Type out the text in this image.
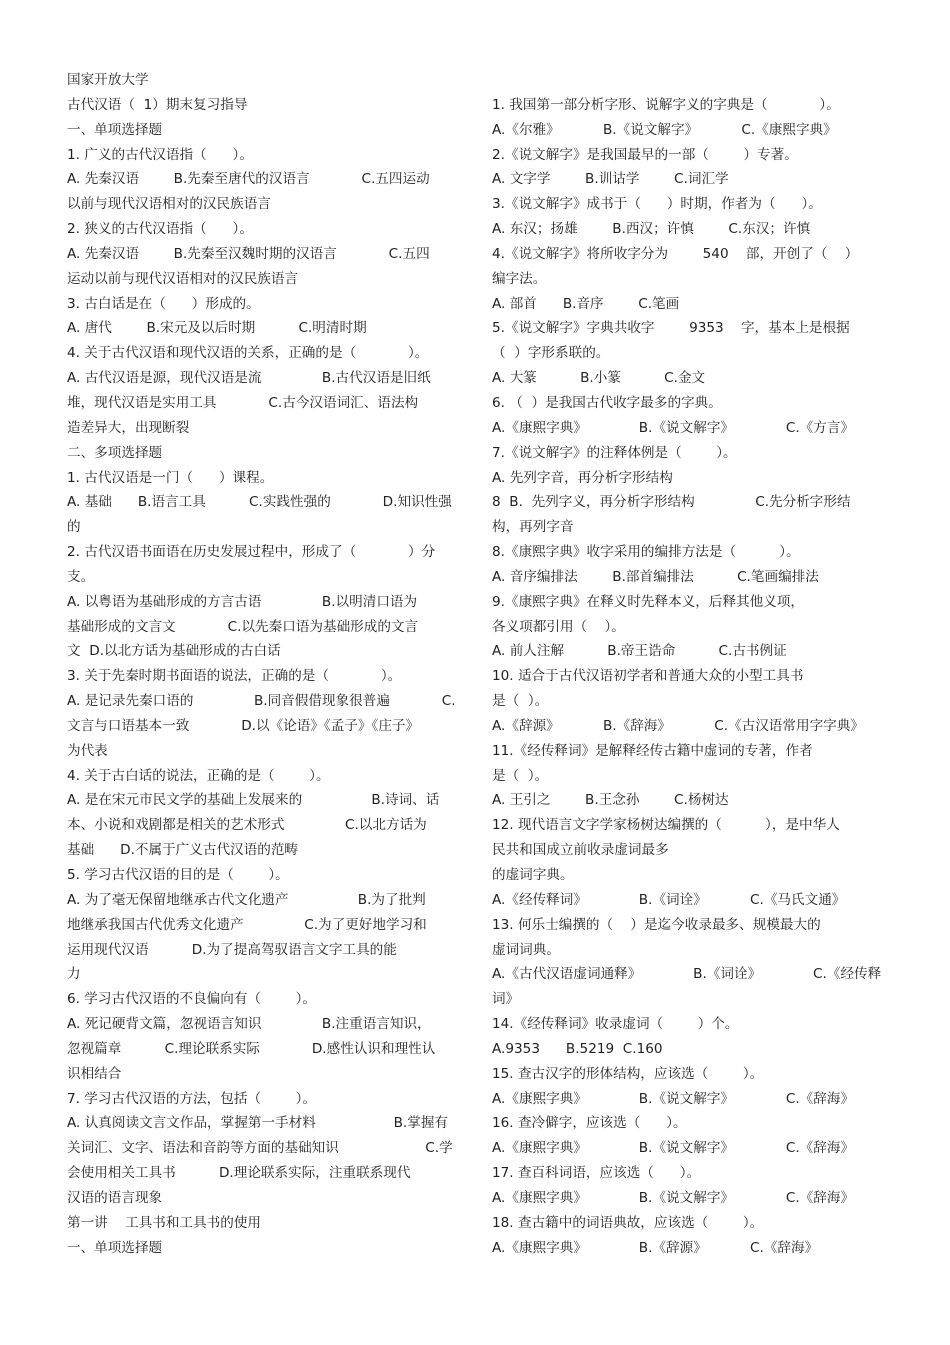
国家开放大学
古代汉语（  1）期末复习指导
一、单项选择题
1. 广义的古代汉语指（      ）。
A. 先秦汉语        B.先秦至唐代的汉语言            C.五四运动
以前与现代汉语相对的汉民族语言
2. 狭义的古代汉语指（      ）。
A. 先秦汉语        B.先秦至汉魏时期的汉语言            C.五四
运动以前与现代汉语相对的汉民族语言
3. 古白话是在（      ）形成的。
A. 唐代        B.宋元及以后时期          C.明清时期
4. 关于古代汉语和现代汉语的关系，正确的是（            ）。
A. 古代汉语是源，现代汉语是流              B.古代汉语是旧纸
堆，现代汉语是实用工具            C.古今汉语词汇、语法构
造差异大，出现断裂
二、多项选择题
1. 古代汉语是一门（      ）课程。
A. 基础      B.语言工具          C.实践性强的            D.知识性强
的
2. 古代汉语书面语在历史发展过程中，形成了（            ）分
支。
A. 以粤语为基础形成的方言古语              B.以明清口语为
基础形成的文言文            C.以先秦口语为基础形成的文言
文  D.以北方话为基础形成的古白话
3. 关于先秦时期书面语的说法，正确的是（            ）。
A. 是记录先秦口语的              B.同音假借现象很普遍            C.
文言与口语基本一致            D.以《论语》《孟子》《庄子》
为代表
4. 关于古白话的说法，正确的是（        ）。
A. 是在宋元市民文学的基础上发展来的                B.诗词、话
本、小说和戏剧都是相关的艺术形式              C.以北方话为
基础      D.不属于广义古代汉语的范畴
5. 学习古代汉语的目的是（        ）。
A. 为了毫无保留地继承古代文化遗产                B.为了批判
地继承我国古代优秀文化遗产              C.为了更好地学习和
运用现代汉语          D.为了提高驾驭语言文字工具的能
力
6. 学习古代汉语的不良偏向有（        ）。
A. 死记硬背文篇，忽视语言知识              B.注重语言知识，
忽视篇章          C.理论联系实际            D.感性认识和理性认
识相结合
7. 学习古代汉语的方法，包括（        ）。
A. 认真阅读文言文作品，掌握第一手材料                  B.掌握有
关词汇、文字、语法和音韵等方面的基础知识                    C.学
会使用相关工具书          D.理论联系实际，注重联系现代
汉语的语言现象
第一讲    工具书和工具书的使用
一、单项选择题
1. 我国第一部分析字形、说解字义的字典是（            ）。
A.《尔雅》          B.《说文解字》          C.《康熙字典》
2.《说文解字》是我国最早的一部（        ）专著。
A. 文字学        B.训诂学        C.词汇学
3.《说文解字》成书于（      ）时期，作者为（      ）。
A. 东汉；扬雄        B.西汉；许慎        C.东汉；许慎
4.《说文解字》将所收字分为        540    部，开创了（    ）
编字法。
A. 部首      B.音序        C.笔画
5.《说文解字》字典共收字        9353    字，基本上是根据
（  ）字形系联的。
A. 大篆          B.小篆          C.金文
6. （  ）是我国古代收字最多的字典。
A.《康熙字典》            B.《说文解字》            C.《方言》
7.《说文解字》的注释体例是（        ）。
A. 先列字音，再分析字形结构
8  B.  先列字义，再分析字形结构              C.先分析字形结
构，再列字音
8.《康熙字典》收字采用的编排方法是（          ）。
A. 音序编排法        B.部首编排法          C.笔画编排法
9.《康熙字典》在释义时先释本义，后释其他义项，
各义项都引用（    ）。
A. 前人注解          B.帝王诰命          C.古书例证
10. 适合于古代汉语初学者和普通大众的小型工具书
是（  ）。
A.《辞源》          B.《辞海》          C.《古汉语常用字字典》
11.《经传释词》是解释经传古籍中虚词的专著，作者
是（  ）。
A. 王引之        B.王念孙        C.杨树达
12. 现代语言文字学家杨树达编撰的（          ），是中华人
民共和国成立前收录虚词最多
的虚词字典。
A.《经传释词》            B.《词诠》          C.《马氏文通》
13. 何乐士编撰的（    ）是迄今收录最多、规模最大的
虚词词典。
A.《古代汉语虚词通释》            B.《词诠》            C.《经传释
词》
14.《经传释词》收录虚词（        ）个。
A.9353      B.5219  C.160
15. 查古汉字的形体结构，应该选（        ）。
A.《康熙字典》            B.《说文解字》            C.《辞海》
16. 查冷僻字，应该选（      ）。
A.《康熙字典》            B.《说文解字》            C.《辞海》
17. 查百科词语，应该选（      ）。
A.《康熙字典》            B.《说文解字》            C.《辞海》
18. 查古籍中的词语典故，应该选（        ）。
A.《康熙字典》            B.《辞源》          C.《辞海》
